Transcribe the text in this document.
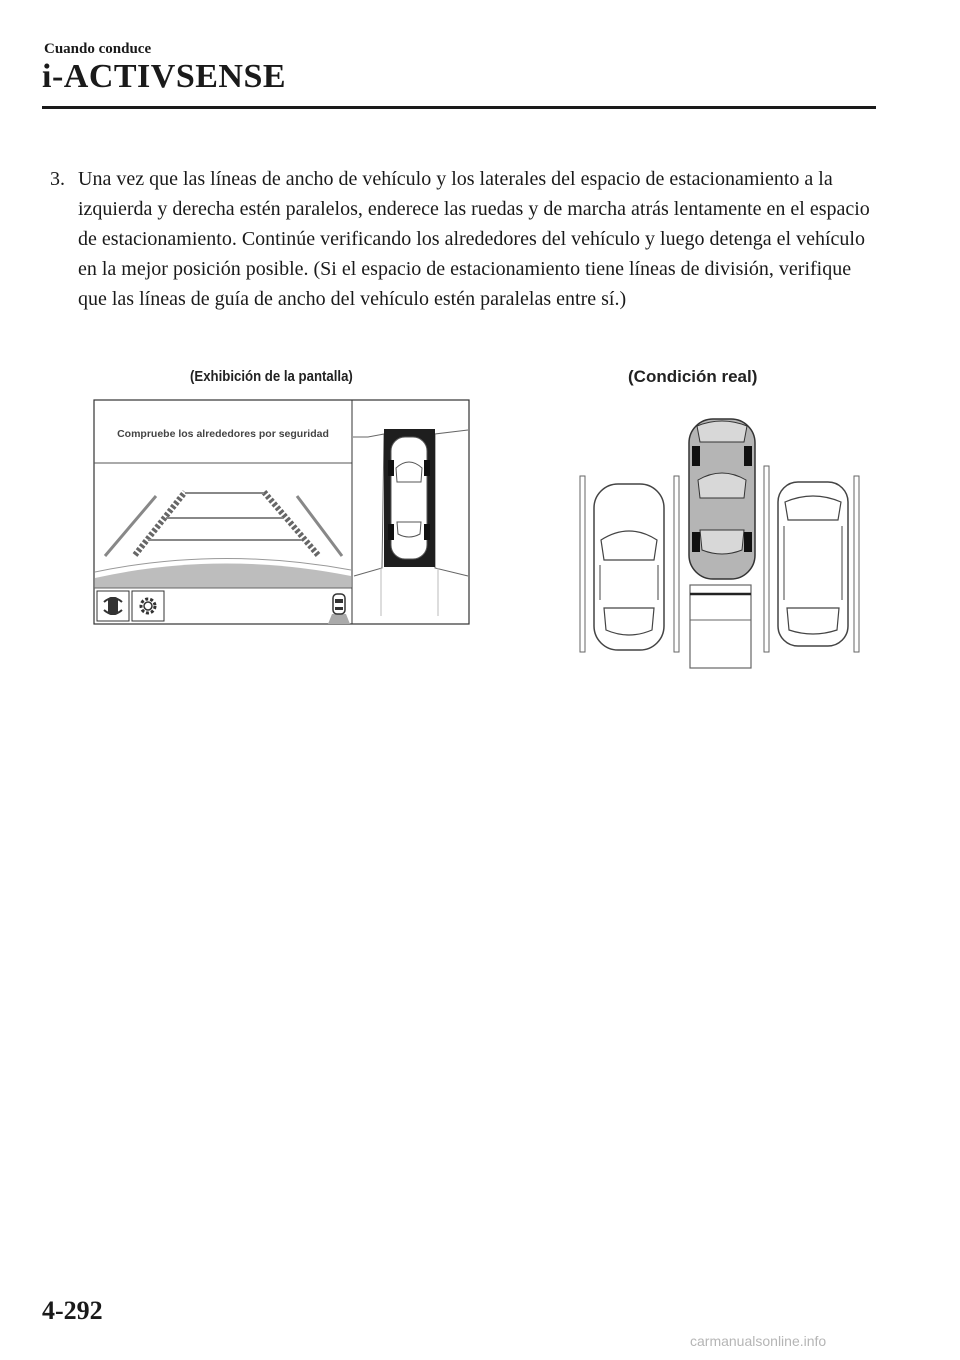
Cuando conduce
i-ACTIVSENSE
3. Una vez que las líneas de ancho de vehículo y los laterales del espacio de estacionamiento a la izquierda y derecha estén paralelos, enderece las ruedas y de marcha atrás lentamente en el espacio de estacionamiento. Continúe verificando los alrededores del vehículo y luego detenga el vehículo en la mejor posición posible. (Si el espacio de estacionamiento tiene líneas de división, verifique que las líneas de guía de ancho del vehículo estén paralelas entre sí.)
(Exhibición de la pantalla)	(Condición real)
Compruebe los alrededores por seguridad
4-292
carmanualsonline.info
